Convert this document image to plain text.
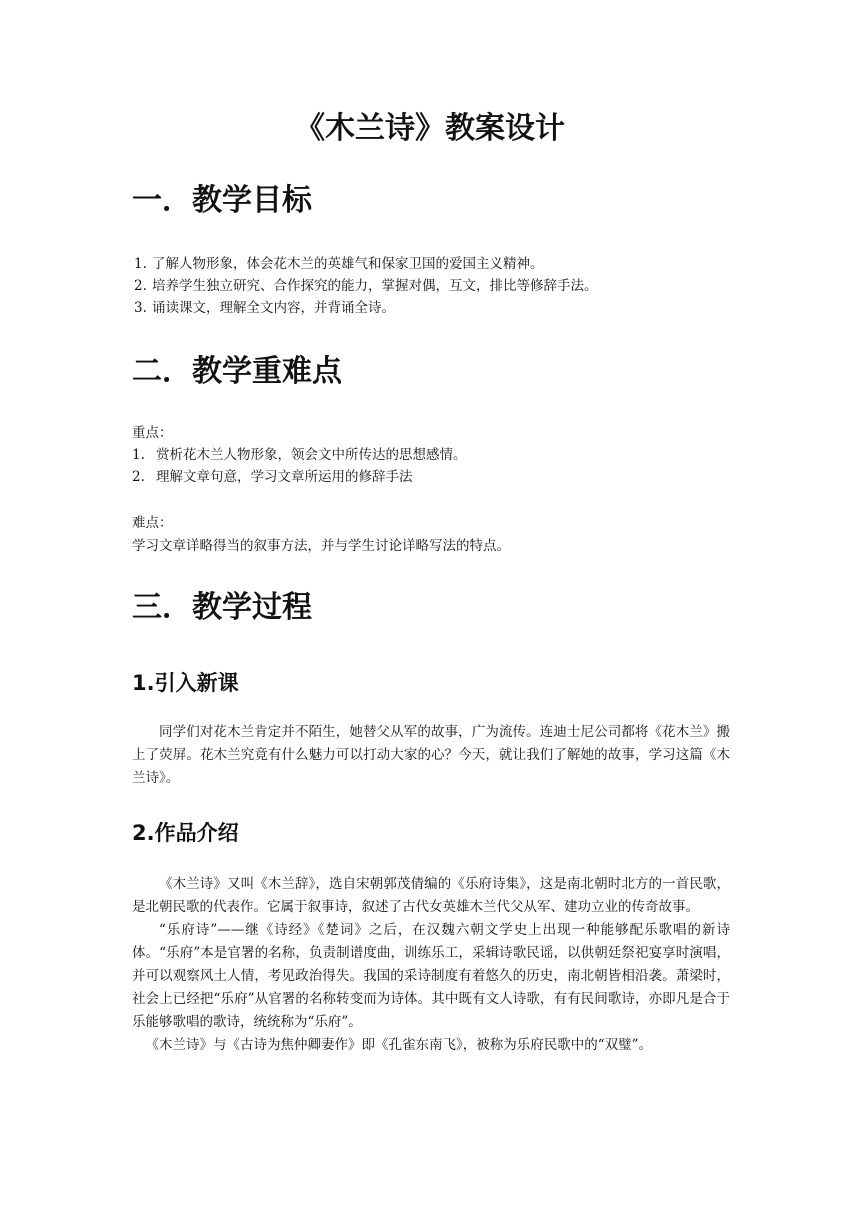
《木兰诗》教案设计
一．教学目标
1. 了解人物形象，体会花木兰的英雄气和保家卫国的爱国主义精神。
2. 培养学生独立研究、合作探究的能力，掌握对偶，互文，排比等修辞手法。
3. 诵读课文，理解全文内容，并背诵全诗。
二．教学重难点
重点：
1. 赏析花木兰人物形象，领会文中所传达的思想感情。
2. 理解文章句意，学习文章所运用的修辞手法
难点：
学习文章详略得当的叙事方法，并与学生讨论详略写法的特点。
三．教学过程
1.引入新课

同学们对花木兰肯定并不陌生，她替父从军的故事，广为流传。连迪士尼公司都将《花木兰》搬上了荧屏。花木兰究竟有什么魅力可以打动大家的心？今天，就让我们了解她的故事，学习这篇《木兰诗》。

2.作品介绍

《木兰诗》又叫《木兰辞》，选自宋朝郭茂倩编的《乐府诗集》，这是南北朝时北方的一首民歌，是北朝民歌的代表作。它属于叙事诗，叙述了古代女英雄木兰代父从军、建功立业的传奇故事。

“乐府诗”——继《诗经》《楚词》之后，在汉魏六朝文学史上出现一种能够配乐歌唱的新诗体。“乐府”本是官署的名称，负责制谱度曲，训练乐工，采辑诗歌民谣，以供朝廷祭祀宴享时演唱，并可以观察风土人情，考见政治得失。我国的采诗制度有着悠久的历史，南北朝皆相沿袭。萧梁时，社会上已经把“乐府”从官署的名称转变而为诗体。其中既有文人诗歌，有有民间歌诗，亦即凡是合于乐能够歌唱的歌诗，统统称为“乐府”。

《木兰诗》与《古诗为焦仲卿妻作》即《孔雀东南飞》，被称为乐府民歌中的“双璧”。
